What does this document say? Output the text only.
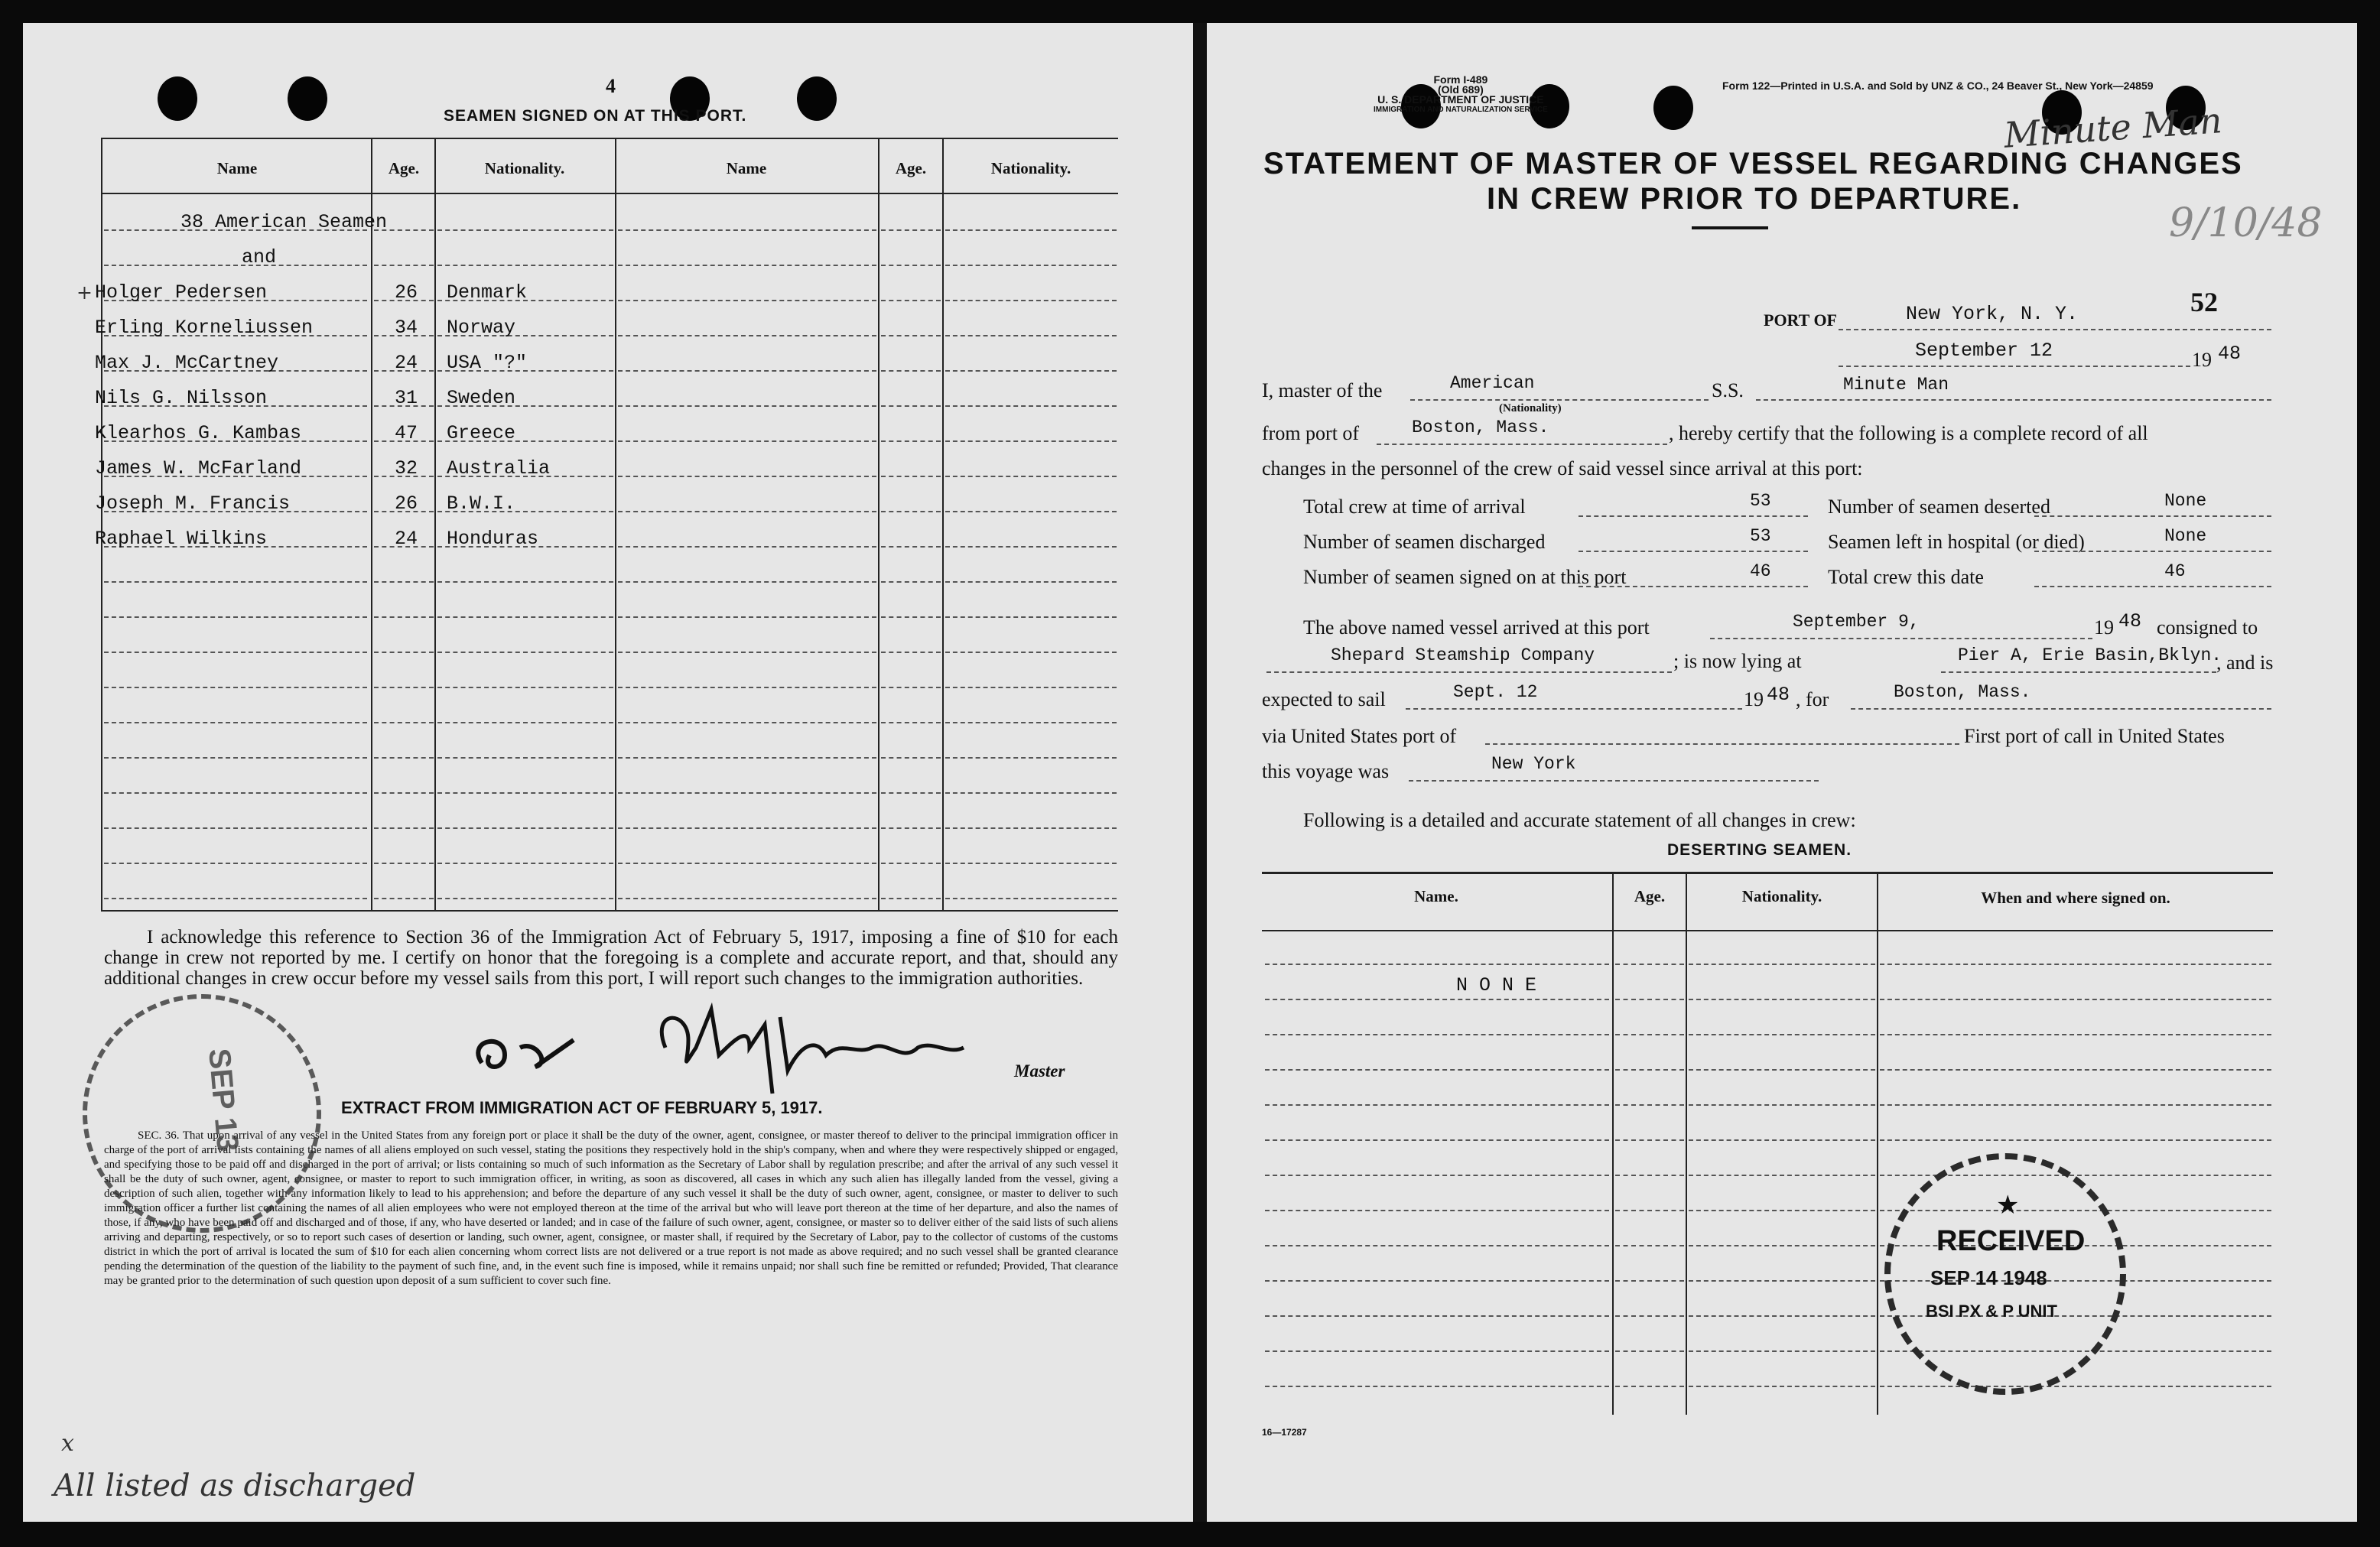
4
SEAMEN SIGNED ON AT THIS PORT.
Name	Age.	Nationality.	Name	Age.	Nationality.
38 American Seamen
and
+ Holger Pedersen	26 Denmark
Erling Korneliussen	34 Norway
Max J. McCartney	24 USA "?"
Nils G. Nilsson	31 Sweden
Klearhos G. Kambas	47 Greece
James W. McFarland	32 Australia
Joseph M. Francis	26 B.W.I.
Raphael Wilkins	24 Honduras
I acknowledge this reference to Section 36 of the Immigration Act of February 5, 1917, imposing a fine of $10 for each change in crew not reported by me. I certify on honor that the foregoing is a complete and accurate report, and that, should any additional changes in crew occur before my vessel sails from this port, I will report such changes to the immigration authorities.
Master
EXTRACT FROM IMMIGRATION ACT OF FEBRUARY 5, 1917.
SEC. 36. That upon arrival of any vessel in the United States from any foreign port or place it shall be the duty of the owner, agent, consignee, or master thereof to deliver to the principal immigration officer in charge of the port of arrival lists containing the names of all aliens employed on such vessel, stating the positions they respectively hold in the ship's company, when and where they were respectively shipped or engaged, and specifying those to be paid off and discharged in the port of arrival; or lists containing so much of such information as the Secretary of Labor shall by regulation prescribe; and after the arrival of any such vessel it shall be the duty of such owner, agent, consignee, or master to report to such immigration officer, in writing, as soon as discovered, all cases in which any such alien has illegally landed from the vessel, giving a description of such alien, together with any information likely to lead to his apprehension; and before the departure of any such vessel it shall be the duty of such owner, agent, consignee, or master to deliver to such immigration officer a further list containing the names of all alien employees who were not employed thereon at the time of the arrival but who will leave port thereon at the time of her departure, and also the names of those, if any, who have been paid off and discharged and of those, if any, who have deserted or landed; and in case of the failure of such owner, agent, consignee, or master so to deliver either of the said lists of such aliens arriving and departing, respectively, or so to report such cases of desertion or landing, such owner, agent, consignee, or master shall, if required by the Secretary of Labor, pay to the collector of customs of the customs district in which the port of arrival is located the sum of $10 for each alien concerning whom correct lists are not delivered or a true report is not made as above required; and no such vessel shall be granted clearance pending the determination of the question of the liability to the payment of such fine, and, in the event such fine is imposed, while it remains unpaid; nor shall such fine be remitted or refunded; Provided, That clearance may be granted prior to the determination of such question upon deposit of a sum sufficient to cover such fine.
SEP 13
x
All listed as discharged
Form I-489
(Old 689)
U. S. DEPARTMENT OF JUSTICE
IMMIGRATION AND NATURALIZATION SERVICE
Form 122—Printed in U.S.A. and Sold by UNZ & CO., 24 Beaver St., New York—24859
Minute Man
9/10/48
STATEMENT OF MASTER OF VESSEL REGARDING CHANGES
IN CREW PRIOR TO DEPARTURE.
52
PORT OF	New York, N. Y.
September 12	19 48
I, master of the	American
(Nationality)
S.S.	Minute Man
from port of	Boston, Mass.	, hereby certify that the following is a complete record of all
changes in the personnel of the crew of said vessel since arrival at this port:
Total crew at time of arrival	53	Number of seamen deserted	None
Number of seamen discharged	53	Seamen left in hospital (or died)	None
Number of seamen signed on at this port	46	Total crew this date	46
The above named vessel arrived at this port	September 9,	19 48 consigned to
Shepard Steamship Company	; is now lying at	Pier A, Erie Basin,Bklyn.
, and is
expected to sail	Sept. 12	19 48 , for	Boston, Mass.
via United States port of	First port of call in United States
this voyage was	New York
Following is a detailed and accurate statement of all changes in crew:
DESERTING SEAMEN.
Name.	Age.	Nationality.	When and where signed on.
N O N E
★
RECEIVED
SEP 14 1948
BSI PX & P UNIT
16—17287
